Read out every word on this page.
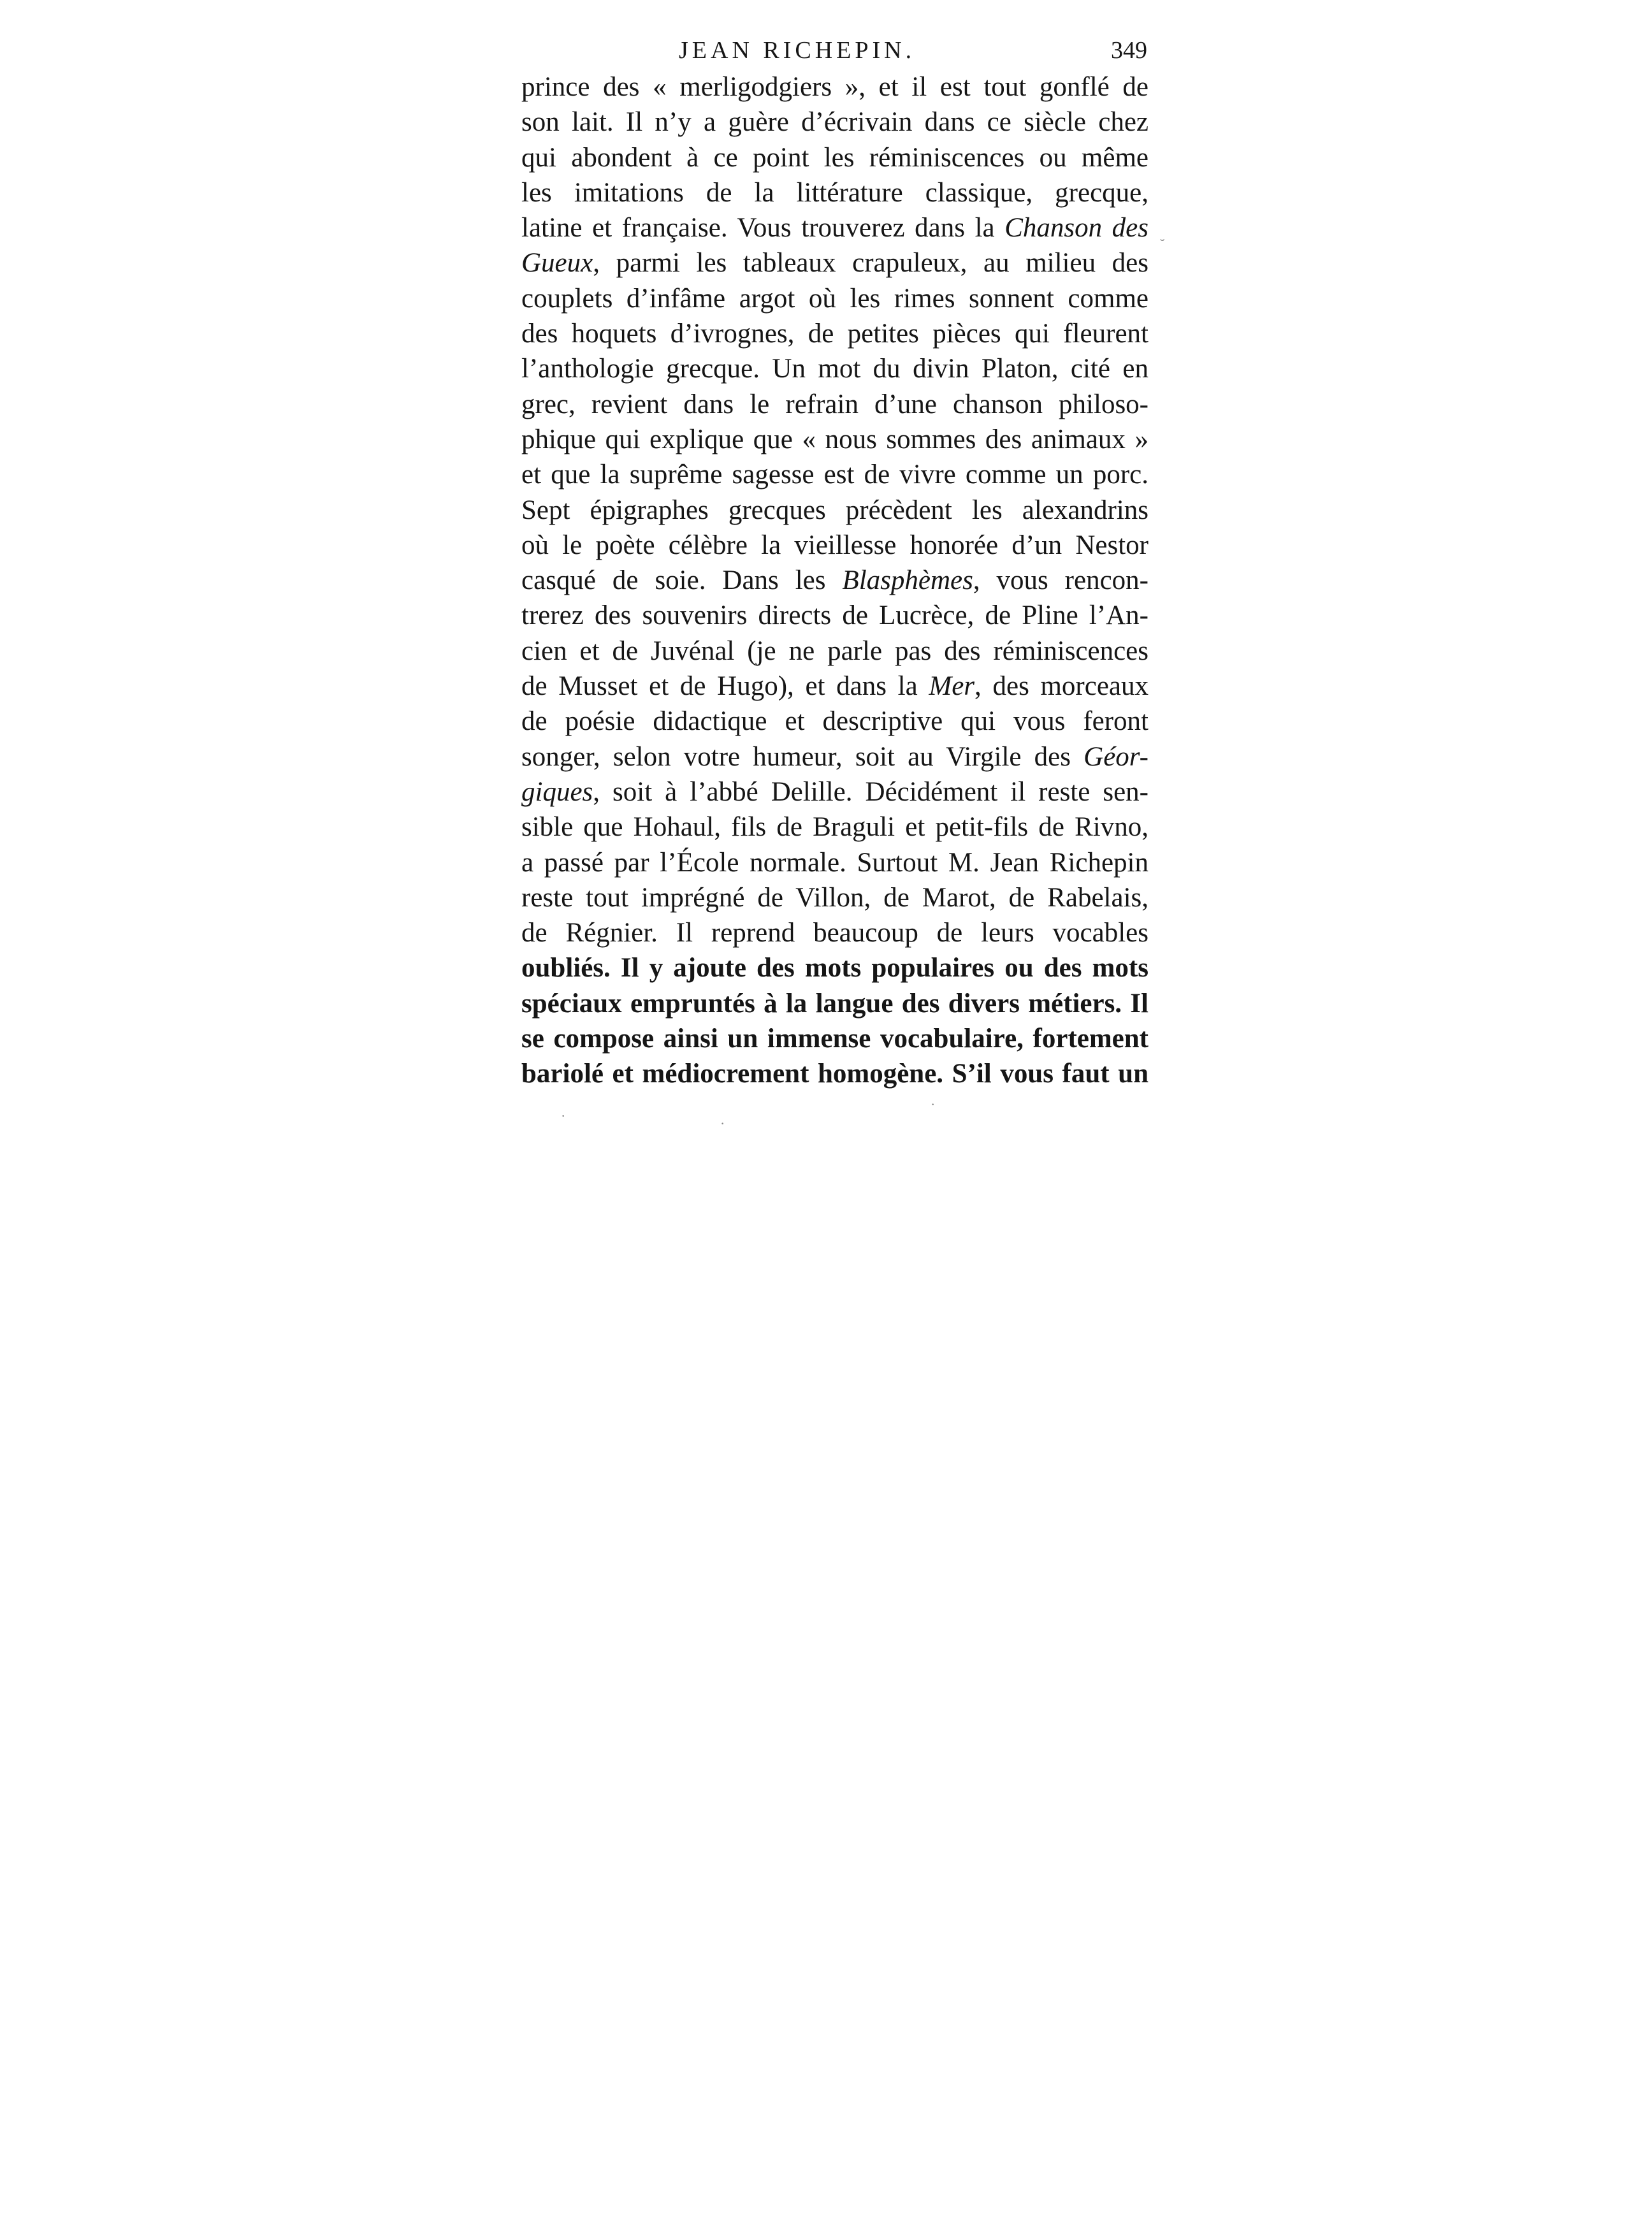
JEAN RICHEPIN.	349
prince des « merligodgiers », et il est tout gonflé de
son lait. Il n’y a guère d’écrivain dans ce siècle chez
qui abondent à ce point les réminiscences ou même
les imitations de la littérature classique, grecque,
latine et française. Vous trouverez dans la Chanson des
Gueux, parmi les tableaux crapuleux, au milieu des
couplets d’infâme argot où les rimes sonnent comme
des hoquets d’ivrognes, de petites pièces qui fleurent
l’anthologie grecque. Un mot du divin Platon, cité en
grec, revient dans le refrain d’une chanson philoso-
phique qui explique que « nous sommes des animaux »
et que la suprême sagesse est de vivre comme un porc.
Sept épigraphes grecques précèdent les alexandrins
où le poète célèbre la vieillesse honorée d’un Nestor
casqué de soie. Dans les Blasphèmes, vous rencon-
trerez des souvenirs directs de Lucrèce, de Pline l’An-
cien et de Juvénal (je ne parle pas des réminiscences
de Musset et de Hugo), et dans la Mer, des morceaux
de poésie didactique et descriptive qui vous feront
songer, selon votre humeur, soit au Virgile des Géor-
giques, soit à l’abbé Delille. Décidément il reste sen-
sible que Hohaul, fils de Braguli et petit-fils de Rivno,
a passé par l’École normale. Surtout M. Jean Richepin
reste tout imprégné de Villon, de Marot, de Rabelais,
de Régnier. Il reprend beaucoup de leurs vocables
oubliés. Il y ajoute des mots populaires ou des mots
spéciaux empruntés à la langue des divers métiers. Il
se compose ainsi un immense vocabulaire, fortement
bariolé et médiocrement homogène. S’il vous faut un
˘
·	·
·
